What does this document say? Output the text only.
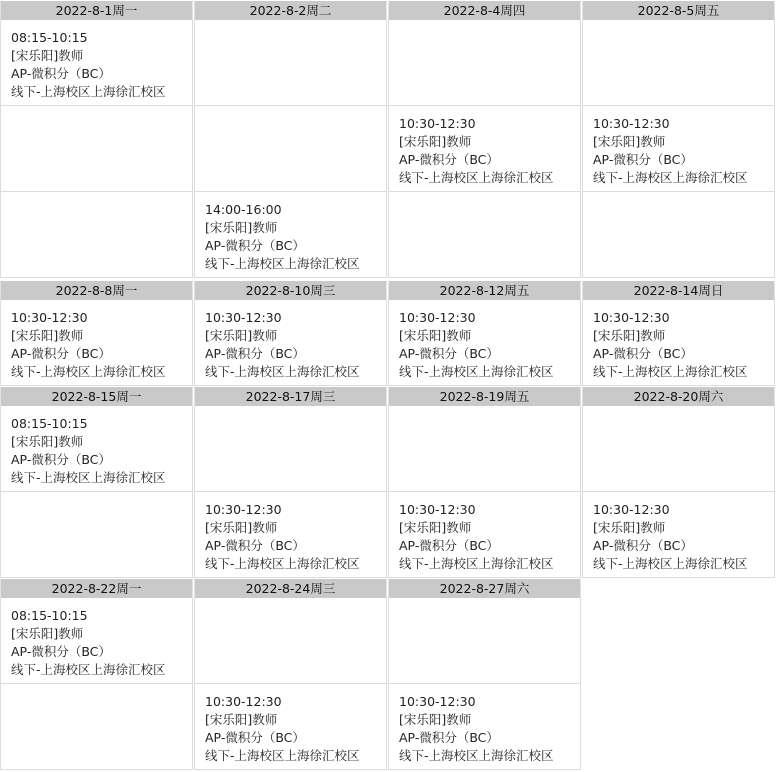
2022-8-1周一
08:15-10:15
[宋乐阳]教师
AP-微积分（BC）
线下-上海校区上海徐汇校区
2022-8-2周二
14:00-16:00
[宋乐阳]教师
AP-微积分（BC）
线下-上海校区上海徐汇校区
2022-8-4周四
10:30-12:30
[宋乐阳]教师
AP-微积分（BC）
线下-上海校区上海徐汇校区
2022-8-5周五
10:30-12:30
[宋乐阳]教师
AP-微积分（BC）
线下-上海校区上海徐汇校区
2022-8-8周一
10:30-12:30
[宋乐阳]教师
AP-微积分（BC）
线下-上海校区上海徐汇校区
2022-8-10周三
10:30-12:30
[宋乐阳]教师
AP-微积分（BC）
线下-上海校区上海徐汇校区
2022-8-12周五
10:30-12:30
[宋乐阳]教师
AP-微积分（BC）
线下-上海校区上海徐汇校区
2022-8-14周日
10:30-12:30
[宋乐阳]教师
AP-微积分（BC）
线下-上海校区上海徐汇校区
2022-8-15周一
08:15-10:15
[宋乐阳]教师
AP-微积分（BC）
线下-上海校区上海徐汇校区
2022-8-17周三
10:30-12:30
[宋乐阳]教师
AP-微积分（BC）
线下-上海校区上海徐汇校区
2022-8-19周五
10:30-12:30
[宋乐阳]教师
AP-微积分（BC）
线下-上海校区上海徐汇校区
2022-8-20周六
10:30-12:30
[宋乐阳]教师
AP-微积分（BC）
线下-上海校区上海徐汇校区
2022-8-22周一
08:15-10:15
[宋乐阳]教师
AP-微积分（BC）
线下-上海校区上海徐汇校区
2022-8-24周三
10:30-12:30
[宋乐阳]教师
AP-微积分（BC）
线下-上海校区上海徐汇校区
2022-8-27周六
10:30-12:30
[宋乐阳]教师
AP-微积分（BC）
线下-上海校区上海徐汇校区
